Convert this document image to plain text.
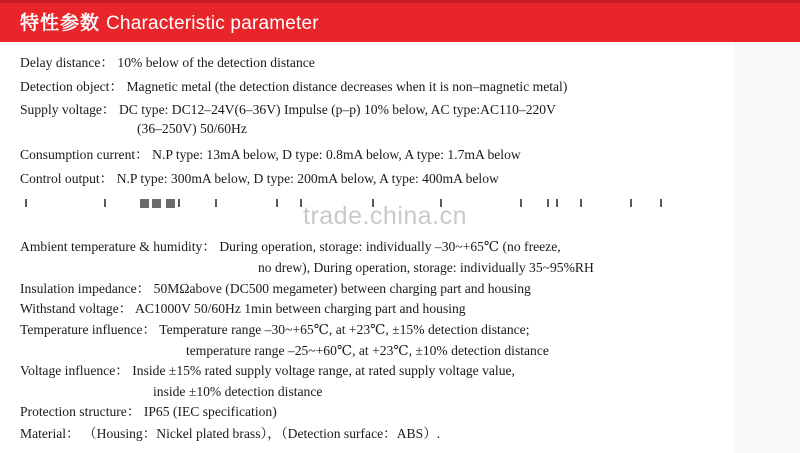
特性参数 Characteristic parameter
Delay distance： 10% below of the detection distance
Detection object： Magnetic metal (the detection distance decreases when it is non–magnetic metal)
Supply voltage： DC type: DC12–24V(6–36V) Impulse (p–p) 10% below, AC type:AC110–220V
(36–250V) 50/60Hz
Consumption current： N.P type: 13mA below, D type: 0.8mA below, A type: 1.7mA below
Control output： N.P type: 300mA below, D type: 200mA below, A type: 400mA below
trade.china.cn
Ambient temperature & humidity： During operation, storage: individually –30~+65℃ (no freeze,
no drew), During operation, storage: individually 35~95%RH
Insulation impedance： 50MΩabove (DC500 megameter) between charging part and housing
Withstand voltage： AC1000V 50/60Hz 1min between charging part and housing
Temperature influence： Temperature range –30~+65℃, at +23℃, ±15% detection distance;
temperature range –25~+60℃, at +23℃, ±10% detection distance
Voltage influence： Inside ±15% rated supply voltage range, at rated supply voltage value,
inside ±10% detection distance
Protection structure： IP65 (IEC specification)
Material： （Housing：Nickel plated brass），（Detection surface：ABS）.
